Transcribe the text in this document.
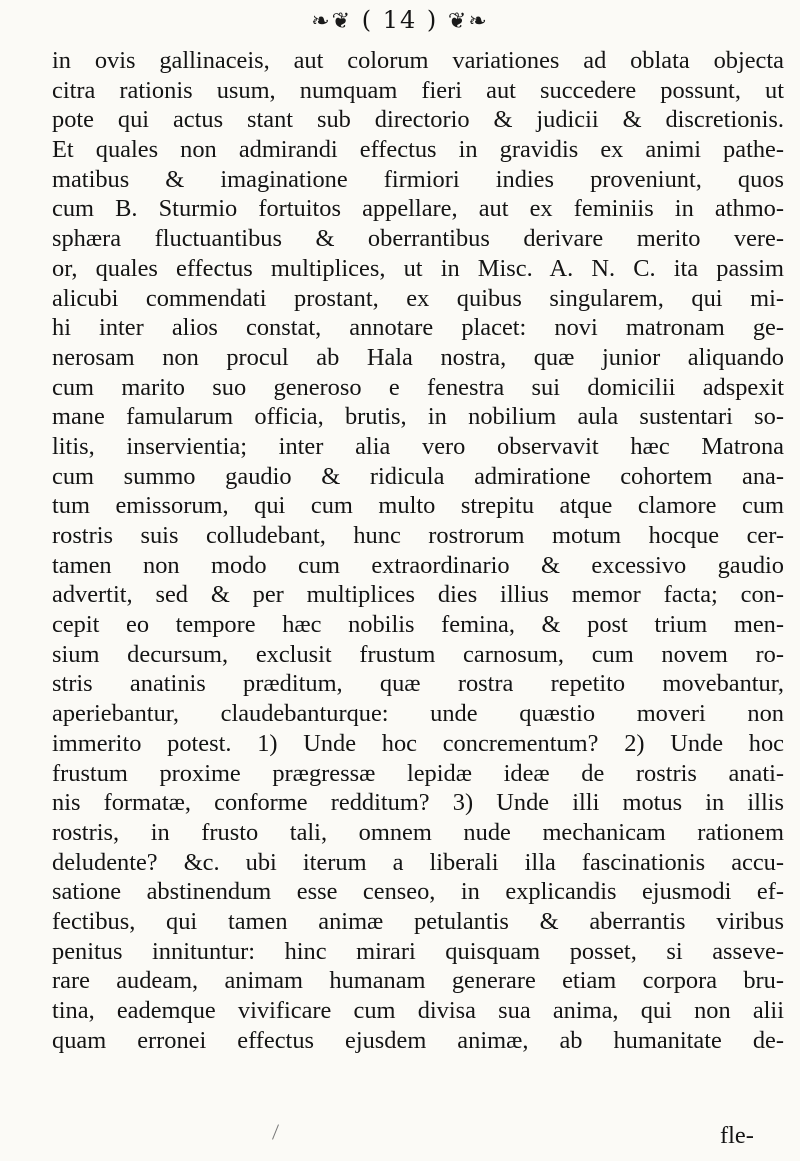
❧❦ ( 14 ) ❦❧
in ovis gallinaceis, aut colorum variationes ad oblata objecta
citra rationis usum, numquam fieri aut succedere possunt, ut
pote qui actus stant sub directorio & judicii & discretionis.
Et quales non admirandi effectus in gravidis ex animi pathe-
matibus & imaginatione firmiori indies proveniunt, quos
cum B. Sturmio fortuitos appellare, aut ex feminiis in athmo-
sphæra fluctuantibus & oberrantibus derivare merito vere-
or, quales effectus multiplices, ut in Misc. A. N. C. ita passim
alicubi commendati prostant, ex quibus singularem, qui mi-
hi inter alios constat, annotare placet: novi matronam ge-
nerosam non procul ab Hala nostra, quæ junior aliquando
cum marito suo generoso e fenestra sui domicilii adspexit
mane famularum officia, brutis, in nobilium aula sustentari so-
litis, inservientia; inter alia vero observavit hæc Matrona
cum summo gaudio & ridicula admiratione cohortem ana-
tum emissorum, qui cum multo strepitu atque clamore cum
rostris suis colludebant, hunc rostrorum motum hocque cer-
tamen non modo cum extraordinario & excessivo gaudio
advertit, sed & per multiplices dies illius memor facta; con-
cepit eo tempore hæc nobilis femina, & post trium men-
sium decursum, exclusit frustum carnosum, cum novem ro-
stris anatinis præditum, quæ rostra repetito movebantur,
aperiebantur, claudebanturque: unde quæstio moveri non
immerito potest. 1) Unde hoc concrementum? 2) Unde hoc
frustum proxime prægressæ lepidæ ideæ de rostris anati-
nis formatæ, conforme redditum? 3) Unde illi motus in illis
rostris, in frusto tali, omnem nude mechanicam rationem
deludente? &c. ubi iterum a liberali illa fascinationis accu-
satione abstinendum esse censeo, in explicandis ejusmodi ef-
fectibus, qui tamen animæ petulantis & aberrantis viribus
penitus innituntur: hinc mirari quisquam posset, si asseve-
rare audeam, animam humanam generare etiam corpora bru-
tina, eademque vivificare cum divisa sua anima, qui non alii
quam erronei effectus ejusdem animæ, ab humanitate de-
fle-
